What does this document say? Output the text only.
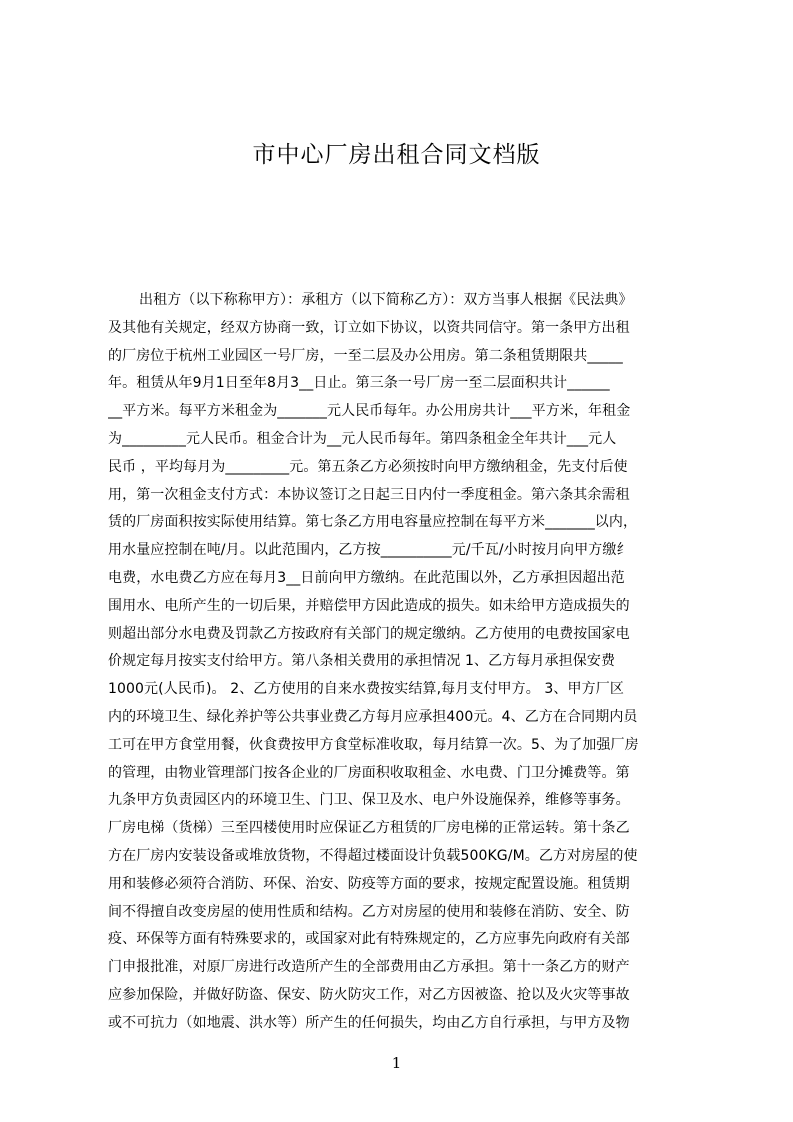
市中心厂房出租合同文档版
出租方（以下称称甲方）：承租方（以下简称乙方）：双方当事人根据《民法典》
及其他有关规定，经双方协商一致，订立如下协议，以资共同信守。第一条甲方出租
的厂房位于杭州工业园区一号厂房，一至二层及办公用房。第二条租赁期限共_____
年。租赁从年9月1日至年8月3__日止。第三条一号厂房一至二层面积共计______
__平方米。每平方米租金为_______元人民币每年。办公用房共计___平方米，年租金
为_________元人民币。租金合计为__元人民币每年。第四条租金全年共计___元人
民币 ，平均每月为_________元。第五条乙方必须按时向甲方缴纳租金，先支付后使
用，第一次租金支付方式：本协议签订之日起三日内付一季度租金。第六条其余需租
赁的厂房面积按实际使用结算。第七条乙方用电容量应控制在每平方米_______以内，
用水量应控制在吨/月。以此范围内，乙方按__________元/千瓦/小时按月向甲方缴纟
电费，水电费乙方应在每月3__日前向甲方缴纳。在此范围以外，乙方承担因超出范
围用水、电所产生的一切后果，并赔偿甲方因此造成的损失。如未给甲方造成损失的
则超出部分水电费及罚款乙方按政府有关部门的规定缴纳。乙方使用的电费按国家电
价规定每月按实支付给甲方。第八条相关费用的承担情况 1、乙方每月承担保安费
1000元(人民币)。 2、乙方使用的自来水费按实结算,每月支付甲方。 3、甲方厂区
内的环境卫生、绿化养护等公共事业费乙方每月应承担400元。4、乙方在合同期内员
工可在甲方食堂用餐，伙食费按甲方食堂标准收取，每月结算一次。5、为了加强厂房
的管理，由物业管理部门按各企业的厂房面积收取租金、水电费、门卫分摊费等。第
九条甲方负责园区内的环境卫生、门卫、保卫及水、电户外设施保养，维修等事务。
厂房电梯（货梯）三至四楼使用时应保证乙方租赁的厂房电梯的正常运转。第十条乙
方在厂房内安装设备或堆放货物，不得超过楼面设计负载500KG/M。乙方对房屋的使
用和装修必须符合消防、环保、治安、防疫等方面的要求，按规定配置设施。租赁期
间不得擅自改变房屋的使用性质和结构。乙方对房屋的使用和装修在消防、安全、防
疫、环保等方面有特殊要求的，或国家对此有特殊规定的，乙方应事先向政府有关部
门申报批准，对原厂房进行改造所产生的全部费用由乙方承担。第十一条乙方的财产
应参加保险，并做好防盗、保安、防火防灾工作，对乙方因被盗、抢以及火灾等事故
或不可抗力（如地震、洪水等）所产生的任何损失，均由乙方自行承担，与甲方及物
1
